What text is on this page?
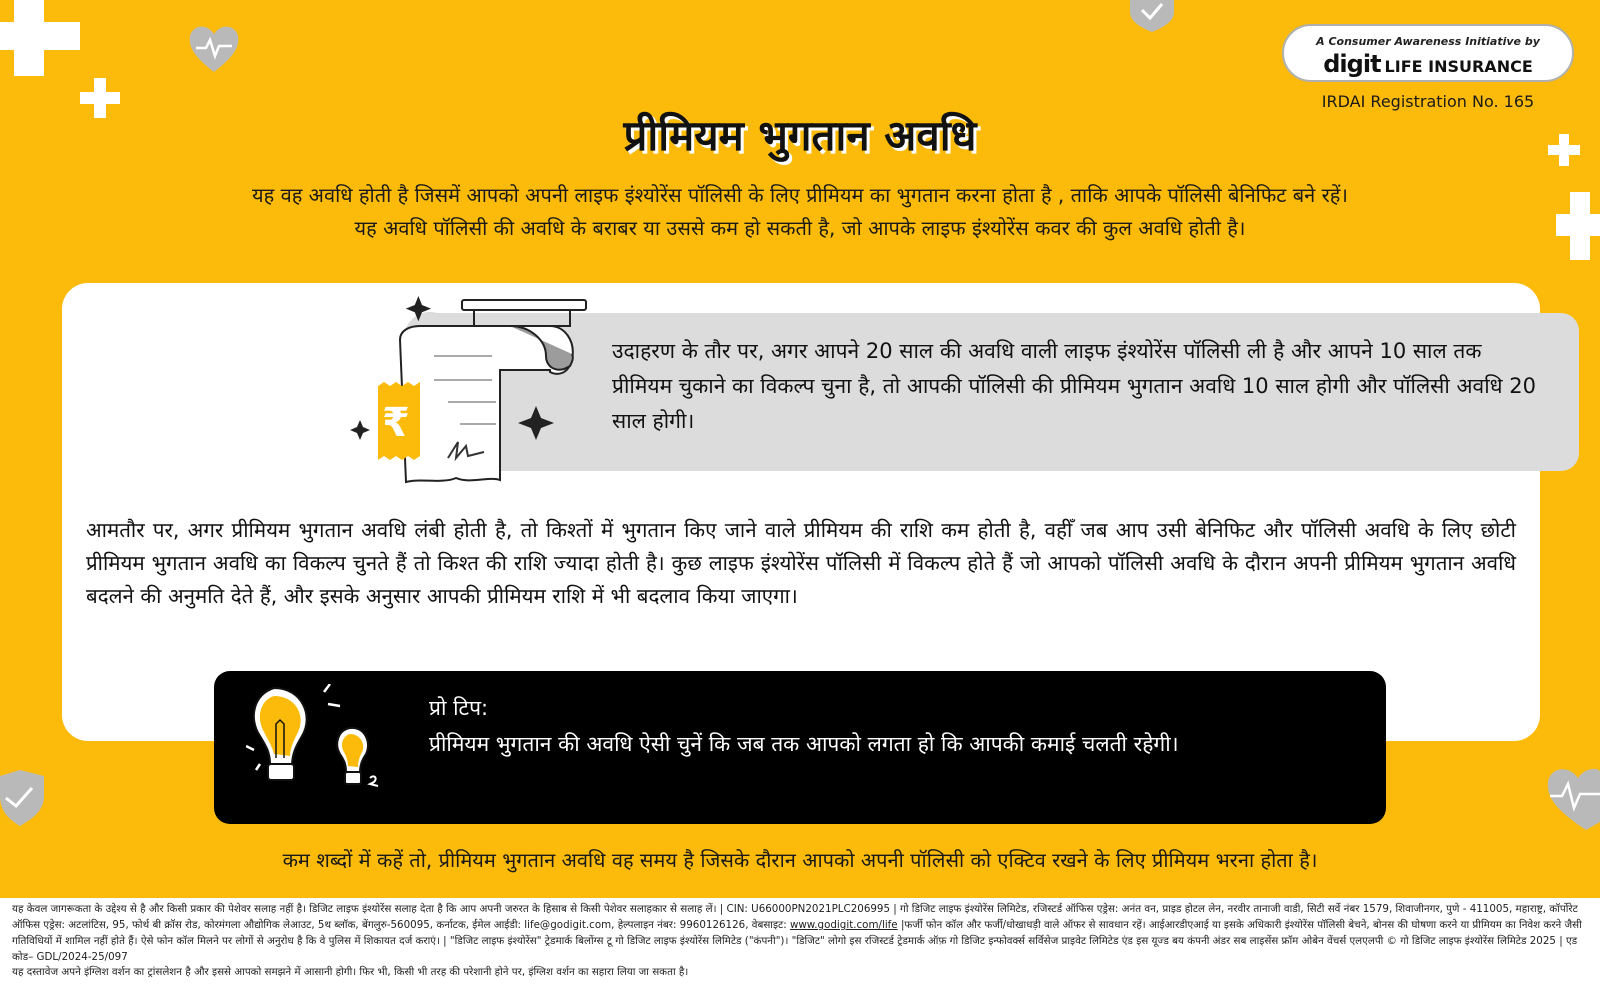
A Consumer Awareness Initiative by
digit LIFE INSURANCE
IRDAI Registration No. 165
प्रीमियम भुगतान अवधि
यह वह अवधि होती है जिसमें आपको अपनी लाइफ इंश्योरेंस पॉलिसी के लिए प्रीमियम का भुगतान करना होता है , ताकि आपके पॉलिसी बेनिफिट बने रहें।
यह अवधि पॉलिसी की अवधि के बराबर या उससे कम हो सकती है, जो आपके लाइफ इंश्योरेंस कवर की कुल अवधि होती है।
₹
उदाहरण के तौर पर, अगर आपने 20 साल की अवधि वाली लाइफ इंश्योरेंस पॉलिसी ली है और आपने 10 साल तक प्रीमियम चुकाने का विकल्प चुना है, तो आपकी पॉलिसी की प्रीमियम भुगतान अवधि 10 साल होगी और पॉलिसी अवधि 20 साल होगी।
आमतौर पर, अगर प्रीमियम भुगतान अवधि लंबी होती है, तो किश्तों में भुगतान किए जाने वाले प्रीमियम की राशि कम होती है, वहीँ जब आप उसी बेनिफिट और पॉलिसी अवधि के लिए छोटी प्रीमियम भुगतान अवधि का विकल्प चुनते हैं तो किश्त की राशि ज्यादा होती है। कुछ लाइफ इंश्योरेंस पॉलिसी में विकल्प होते हैं जो आपको पॉलिसी अवधि के दौरान अपनी प्रीमियम भुगतान अवधि बदलने की अनुमति देते हैं, और इसके अनुसार आपकी प्रीमियम राशि में भी बदलाव किया जाएगा।
प्रो टिप:
प्रीमियम भुगतान की अवधि ऐसी चुनें कि जब तक आपको लगता हो कि आपकी कमाई चलती रहेगी।
कम शब्दों में कहें तो, प्रीमियम भुगतान अवधि वह समय है जिसके दौरान आपको अपनी पॉलिसी को एक्टिव रखने के लिए प्रीमियम भरना होता है।
यह केवल जागरूकता के उद्देश्य से है और किसी प्रकार की पेशेवर सलाह नहीं है। डिजिट लाइफ इंश्योरेंस सलाह देता है कि आप अपनी जरुरत के हिसाब से किसी पेशेवर सलाहकार से सलाह लें। | CIN: U66000PN2021PLC206995 | गो डिजिट लाइफ इंश्योरेंस लिमिटेड, रजिस्टर्ड ऑफिस एड्रेस: अनंत वन, प्राइड होटल लेन, नरवीर तानाजी वाडी, सिटी सर्वे नंबर 1579, शिवाजीनगर, पुणे - 411005, महाराष्ट्र, कॉर्पोरेट ऑफिस एड्रेस: अटलांटिस, 95, फोर्थ बी क्रॉस रोड, कोरमंगला औद्योगिक लेआउट, 5थ ब्लॉक, बेंगलुरु-560095, कर्नाटक, ईमेल आईडी: life@godigit.com, हेल्पलाइन नंबर: 9960126126, वेबसाइट: www.godigit.com/life |फर्जी फोन कॉल और फर्जी/धोखाधड़ी वाले ऑफर से सावधान रहें। आईआरडीएआई या इसके अधिकारी इंश्योरेंस पॉलिसी बेचने, बोनस की घोषणा करने या प्रीमियम का निवेश करने जैसी गतिविधियों में शामिल नहीं होते हैं। ऐसे फोन कॉल मिलने पर लोगों से अनुरोध है कि वे पुलिस में शिकायत दर्ज कराएं। | "डिजिट लाइफ इंश्योरेंस" ट्रेडमार्क बिलोंग्स टू गो डिजिट लाइफ इंश्योरेंस लिमिटेड ("कंपनी")। "डिजिट" लोगो इस रजिस्टर्ड ट्रेडमार्क ऑफ़ गो डिजिट इन्फोवर्क्स सर्विसेज प्राइवेट लिमिटेड एंड इस यूज्ड बय कंपनी अंडर सब लाइसेंस फ्रॉम ओबेन वेंचर्स एलएलपी © गो डिजिट लाइफ इंश्योरेंस लिमिटेड 2025 | एड कोड– GDL/2024-25/097
यह दस्तावेज अपने इंग्लिश वर्शन का ट्रांसलेशन है और इससे आपको समझने में आसानी होगी। फिर भी, किसी भी तरह की परेशानी होने पर, इंग्लिश वर्शन का सहारा लिया जा सकता है।
